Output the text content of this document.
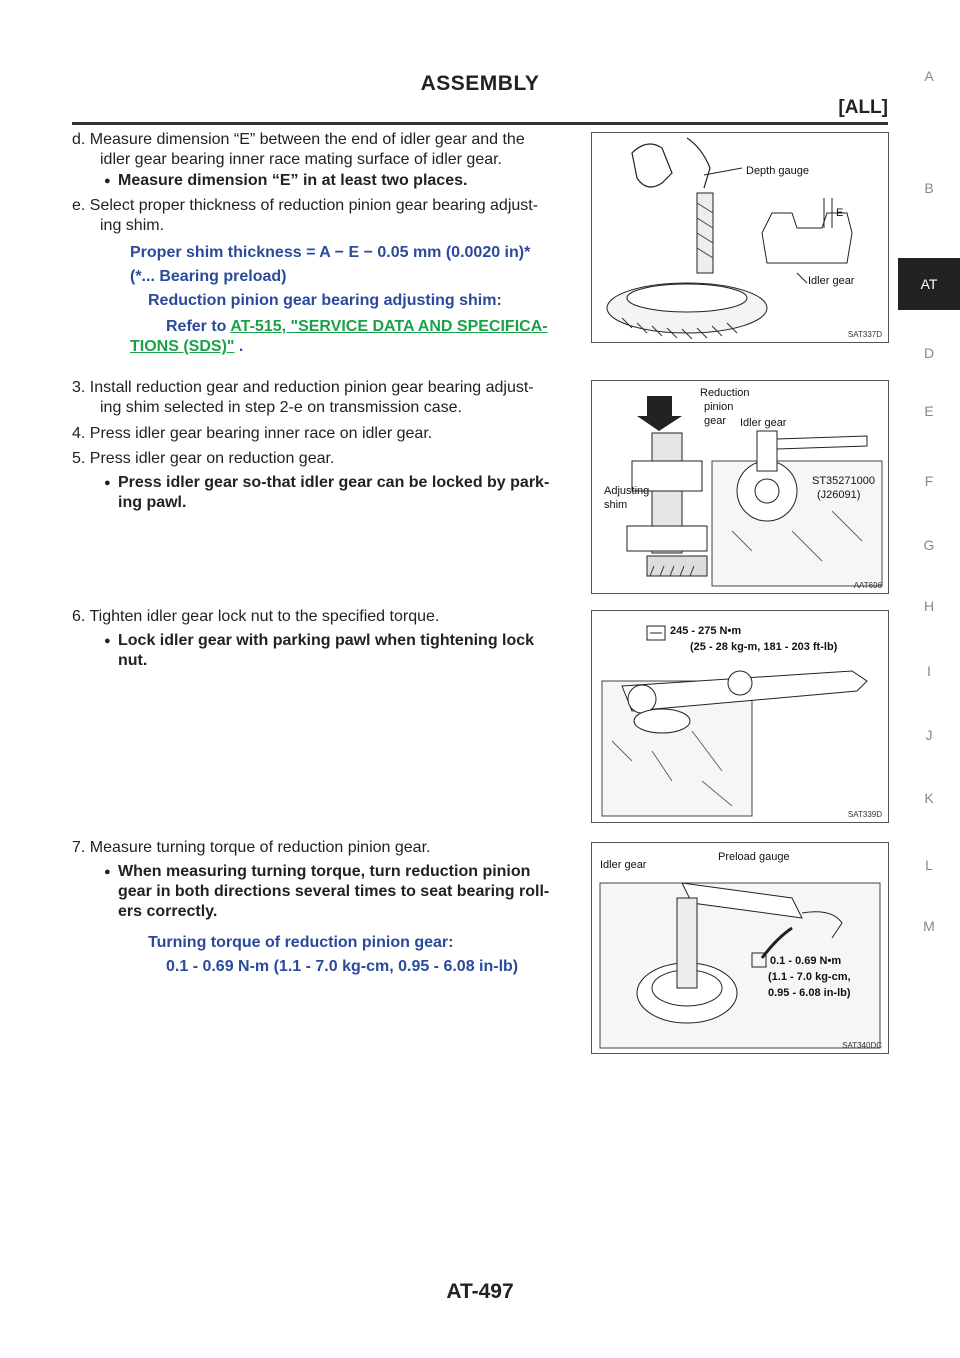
ASSEMBLY
[ALL]
A
B
AT
D
E
F
G
H
I
J
K
L
M
d. Measure dimension “E” between the end of idler gear and the
idler gear bearing inner race mating surface of idler gear.
● Measure dimension “E” in at least two places.
e. Select proper thickness of reduction pinion gear bearing adjust-
ing shim.
Proper shim thickness = A − E − 0.05 mm (0.0020 in)*
(*... Bearing preload)
Reduction pinion gear bearing adjusting shim:
Refer to AT-515, "SERVICE DATA AND SPECIFICA-
TIONS (SDS)" .
3. Install reduction gear and reduction pinion gear bearing adjust-
ing shim selected in step 2-e on transmission case.
4. Press idler gear bearing inner race on idler gear.
5. Press idler gear on reduction gear.
● Press idler gear so-that idler gear can be locked by park-
ing pawl.
6. Tighten idler gear lock nut to the specified torque.
● Lock idler gear with parking pawl when tightening lock
nut.
7. Measure turning torque of reduction pinion gear.
● When measuring turning torque, turn reduction pinion
gear in both directions several times to seat bearing roll-
ers correctly.
Turning torque of reduction pinion gear:
0.1 - 0.69 N-m (1.1 - 7.0 kg-cm, 0.95 - 6.08 in-lb)
Depth gauge
E
Idler gear
SAT337D
Reduction
pinion
gear Idler gear
ST35271000
(J26091)
Adjusting
shim
AAT696
245 - 275 N•m
(25 - 28 kg-m, 181 - 203 ft-lb)
SAT339D
Idler gear
Preload gauge
0.1 - 0.69 N•m
(1.1 - 7.0 kg-cm,
0.95 - 6.08 in-lb)
SAT340DC
AT-497
